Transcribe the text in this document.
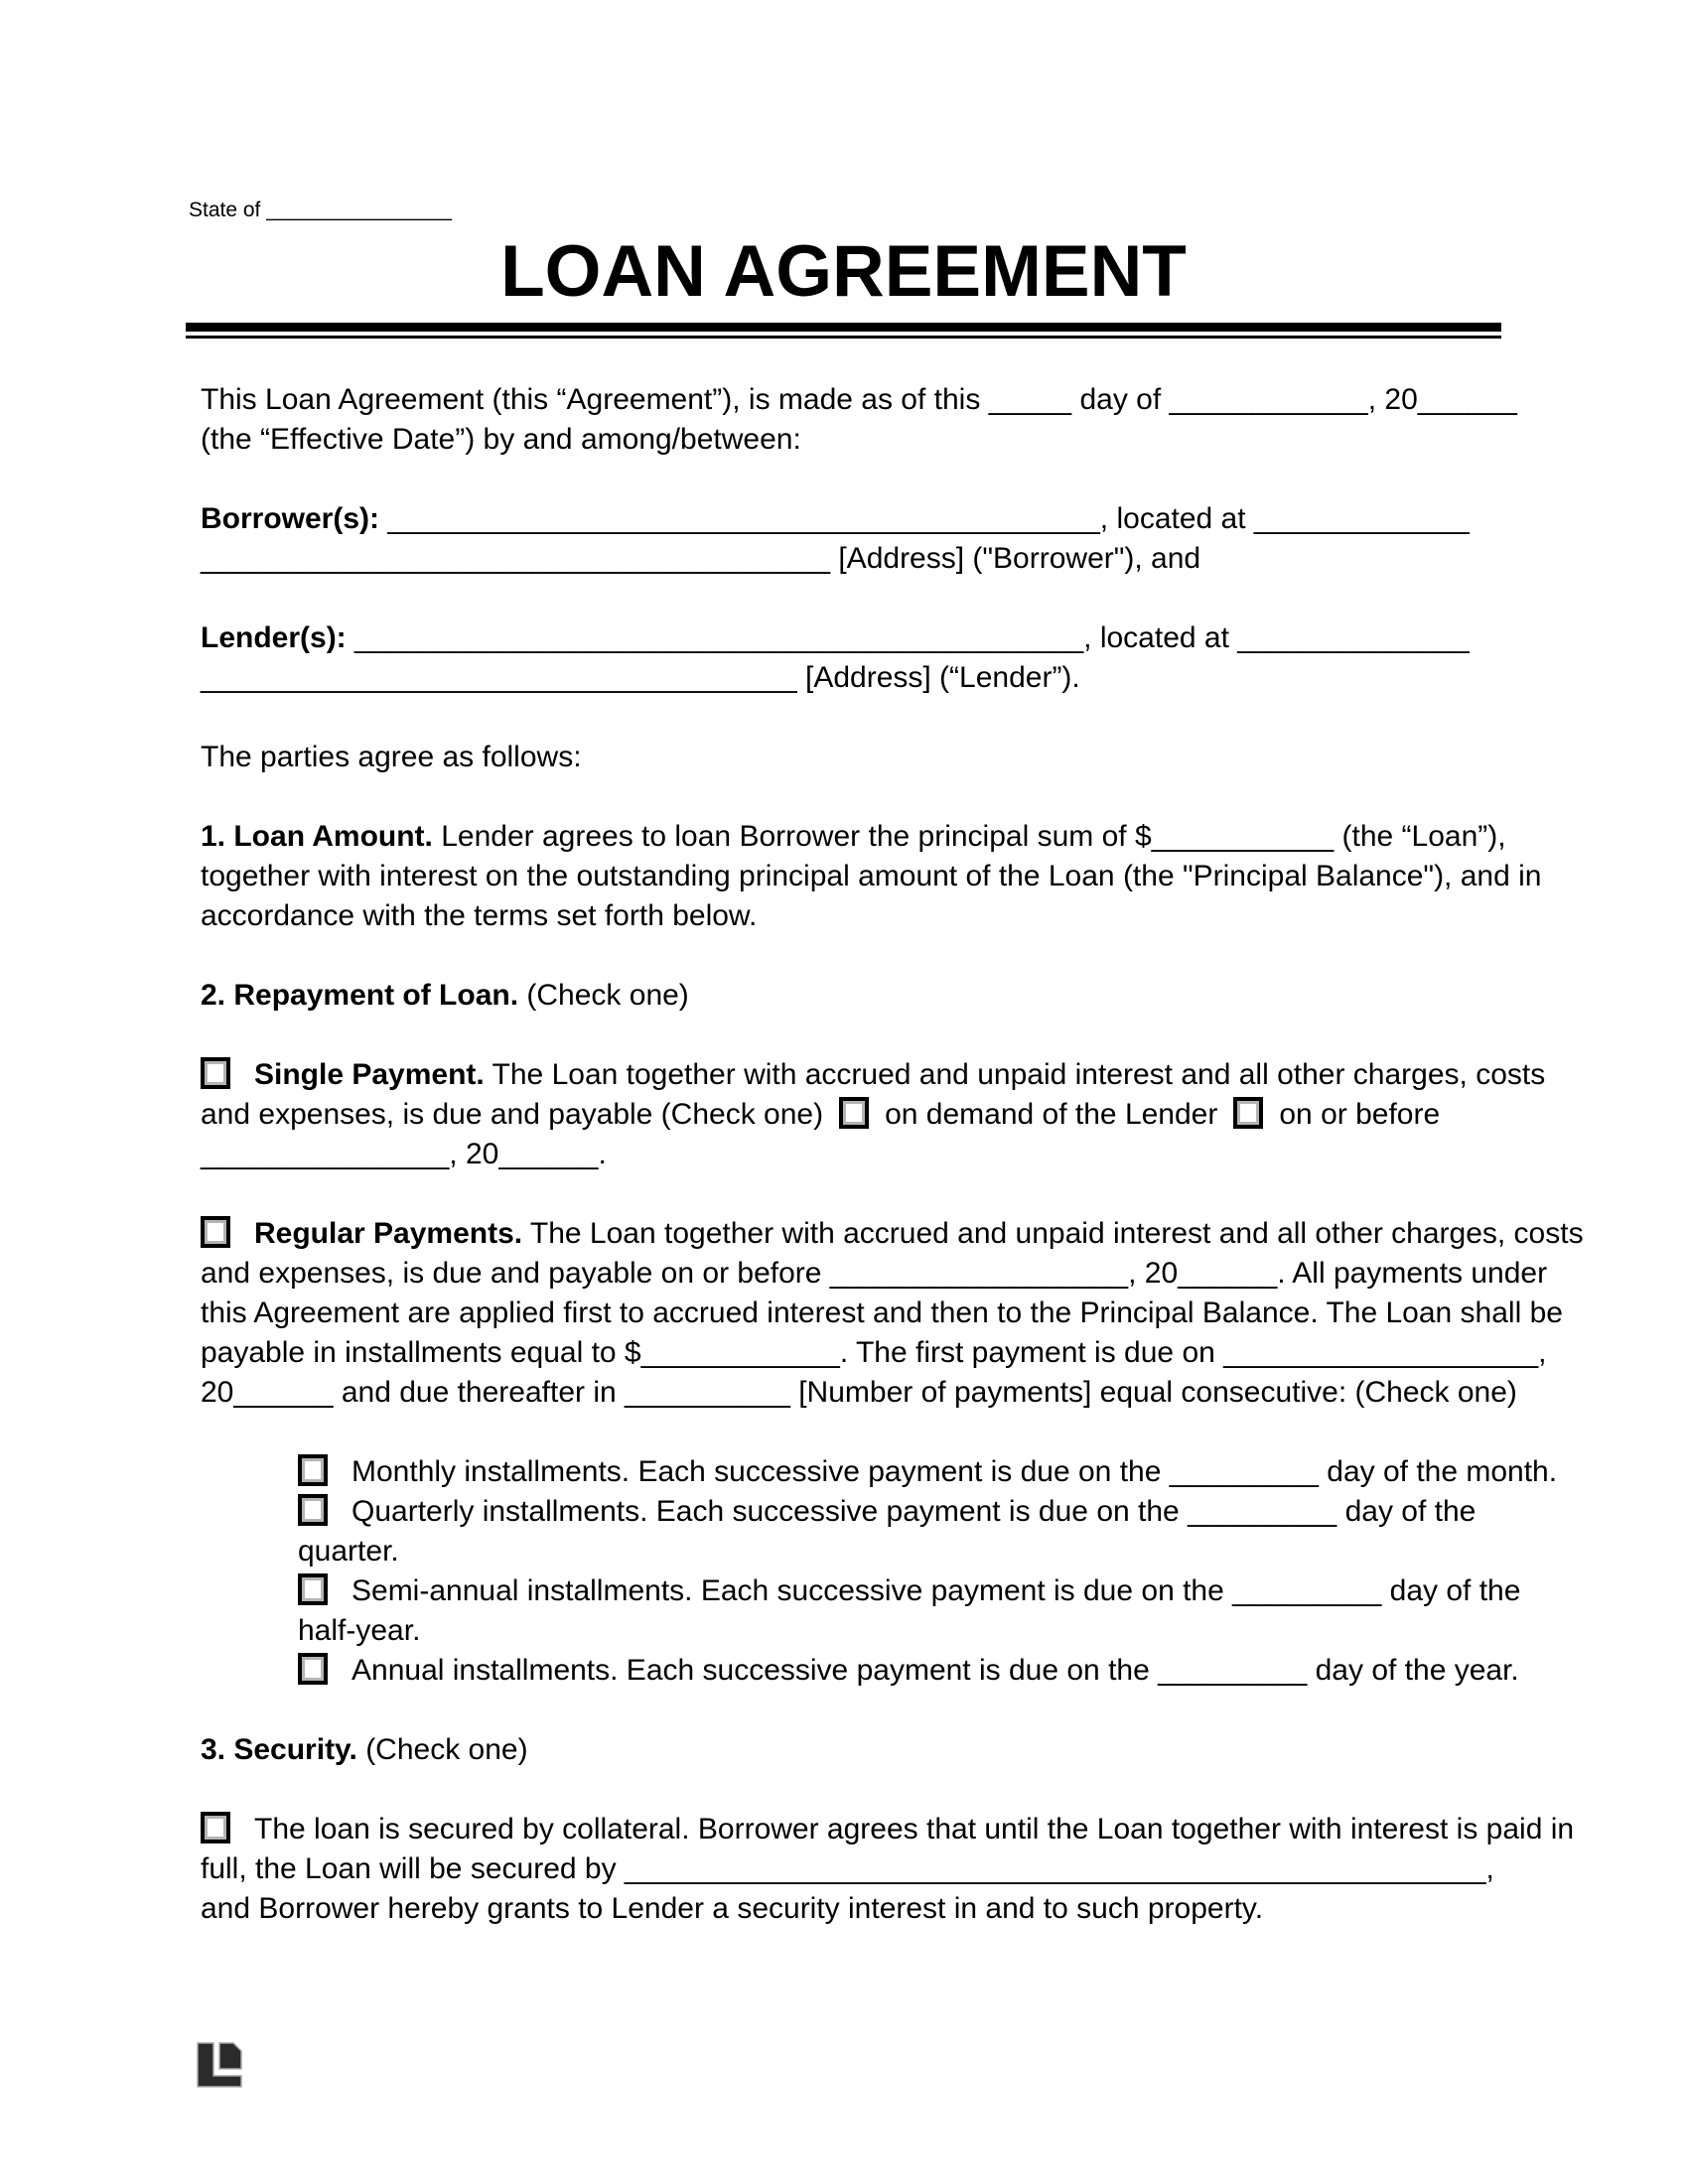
State of ________________
LOAN AGREEMENT
This Loan Agreement (this “Agreement”), is made as of this _____ day of ____________, 20______
(the “Effective Date”) by and among/between:
Borrower(s): ___________________________________________, located at _____________
______________________________________ [Address] ("Borrower"), and
Lender(s): ____________________________________________, located at ______________
____________________________________ [Address] (“Lender”).
The parties agree as follows:
1. Loan Amount. Lender agrees to loan Borrower the principal sum of $___________ (the “Loan”),
together with interest on the outstanding principal amount of the Loan (the "Principal Balance"), and in
accordance with the terms set forth below.
2. Repayment of Loan. (Check one)
Single Payment. The Loan together with accrued and unpaid interest and all other charges, costs
and expenses, is due and payable (Check one) on demand of the Lender on or before
_______________, 20______.
Regular Payments. The Loan together with accrued and unpaid interest and all other charges, costs
and expenses, is due and payable on or before __________________, 20______. All payments under
this Agreement are applied first to accrued interest and then to the Principal Balance. The Loan shall be
payable in installments equal to $____________. The first payment is due on ___________________,
20______ and due thereafter in __________ [Number of payments] equal consecutive: (Check one)
Monthly installments. Each successive payment is due on the _________ day of the month.
Quarterly installments. Each successive payment is due on the _________ day of the
quarter.
Semi-annual installments. Each successive payment is due on the _________ day of the
half-year.
Annual installments. Each successive payment is due on the _________ day of the year.
3. Security. (Check one)
The loan is secured by collateral. Borrower agrees that until the Loan together with interest is paid in
full, the Loan will be secured by ____________________________________________________,
and Borrower hereby grants to Lender a security interest in and to such property.
